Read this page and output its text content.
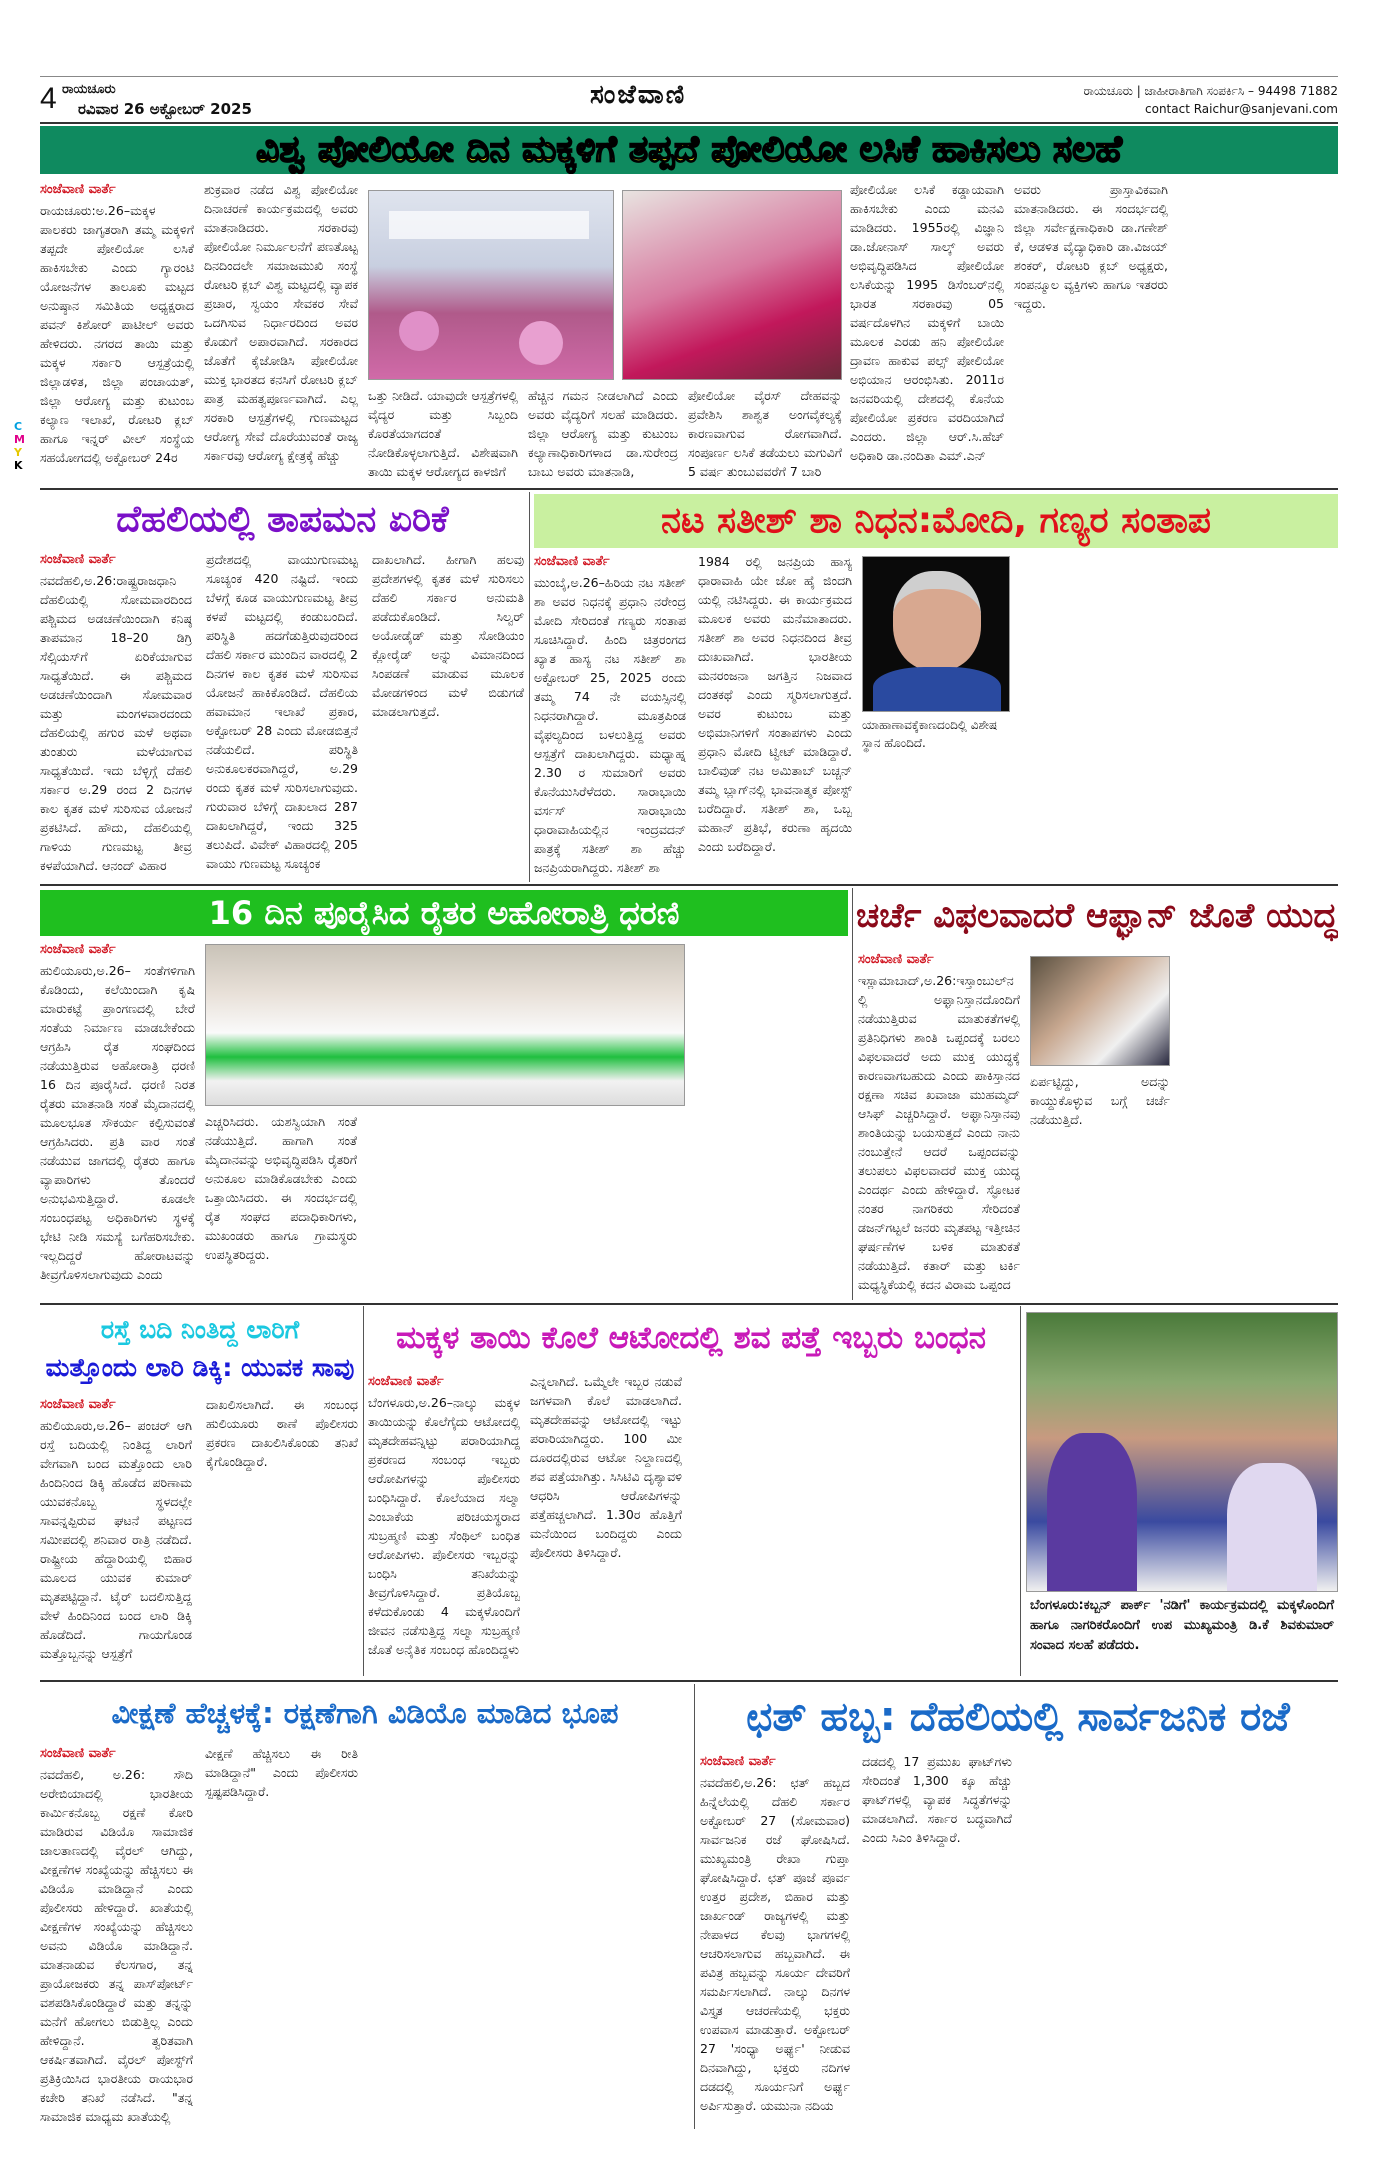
4 ರಾಯಚೂರು
ರವಿವಾರ 26 ಅಕ್ಟೋಬರ್ 2025	ಸಂಜೆವಾಣಿ	ರಾಯಚೂರು | ಜಾಹೀರಾತಿಗಾಗಿ ಸಂಪರ್ಕಿಸಿ – 94498 71882
contact Raichur@sanjevani.com
C
M
Y
K
ವಿಶ್ವ ಪೋಲಿಯೋ ದಿನ ಮಕ್ಕಳಿಗೆ ತಪ್ಪದೆ ಪೋಲಿಯೋ ಲಸಿಕೆ ಹಾಕಿಸಲು ಸಲಹೆ
ಸಂಜೆವಾಣಿ ವಾರ್ತೆ
ರಾಯಚೂರು:ಅ.26–ಮಕ್ಕಳ ಪಾಲಕರು ಜಾಗೃತರಾಗಿ ತಮ್ಮ ಮಕ್ಕಳಿಗೆ ತಪ್ಪದೇ ಪೋಲಿಯೋ ಲಸಿಕೆ ಹಾಕಿಸಬೇಕು ಎಂದು ಗ್ಯಾರಂಟಿ ಯೋಜನೆಗಳ ತಾಲೂಕು ಮಟ್ಟದ ಅನುಷ್ಠಾನ ಸಮಿತಿಯ ಅಧ್ಯಕ್ಷರಾದ ಪವನ್ ಕಿಶೋರ್ ಪಾಟೀಲ್ ಅವರು ಹೇಳಿದರು. ನಗರದ ತಾಯಿ ಮತ್ತು ಮಕ್ಕಳ ಸರ್ಕಾರಿ ಆಸ್ಪತ್ರೆಯಲ್ಲಿ ಜಿಲ್ಲಾಡಳಿತ, ಜಿಲ್ಲಾ ಪಂಚಾಯತ್, ಜಿಲ್ಲಾ ಆರೋಗ್ಯ ಮತ್ತು ಕುಟುಂಬ ಕಲ್ಯಾಣ ಇಲಾಖೆ, ರೋಟರಿ ಕ್ಲಬ್ ಹಾಗೂ ಇನ್ನರ್ ವೀಲ್ ಸಂಸ್ಥೆಯ ಸಹಯೋಗದಲ್ಲಿ ಅಕ್ಟೋಬರ್ 24ರ
ಶುಕ್ರವಾರ ನಡೆದ ವಿಶ್ವ ಪೋಲಿಯೋ ದಿನಾಚರಣೆ ಕಾರ್ಯಕ್ರಮದಲ್ಲಿ ಅವರು ಮಾತನಾಡಿದರು. ಸರಕಾರವು ಪೋಲಿಯೋ ನಿರ್ಮೂಲನೆಗೆ ಪಣತೊಟ್ಟ ದಿನದಿಂದಲೇ ಸಮಾಜಮುಖಿ ಸಂಸ್ಥೆ ರೋಟರಿ ಕ್ಲಬ್ ವಿಶ್ವ ಮಟ್ಟದಲ್ಲಿ ವ್ಯಾಪಕ ಪ್ರಚಾರ, ಸ್ವಯಂ ಸೇವಕರ ಸೇವೆ ಒದಗಿಸುವ ನಿರ್ಧಾರದಿಂದ ಅವರ ಕೊಡುಗೆ ಅಪಾರವಾಗಿದೆ. ಸರಕಾರದ ಜೊತೆಗೆ ಕೈಜೋಡಿಸಿ ಪೋಲಿಯೋ ಮುಕ್ತ ಭಾರತದ ಕನಸಿಗೆ ರೋಟರಿ ಕ್ಲಬ್ ಪಾತ್ರ ಮಹತ್ವಪೂರ್ಣವಾಗಿದೆ. ಎಲ್ಲ ಸರಕಾರಿ ಆಸ್ಪತ್ರೆಗಳಲ್ಲಿ ಗುಣಮಟ್ಟದ ಆರೋಗ್ಯ ಸೇವೆ ದೊರೆಯುವಂತೆ ರಾಜ್ಯ ಸರ್ಕಾರವು ಆರೋಗ್ಯ ಕ್ಷೇತ್ರಕ್ಕೆ ಹೆಚ್ಚು
ಒತ್ತು ನೀಡಿದೆ. ಯಾವುದೇ ಆಸ್ಪತ್ರೆಗಳಲ್ಲಿ ವೈದ್ಯರ ಮತ್ತು ಸಿಬ್ಬಂದಿ ಕೊರತೆಯಾಗದಂತೆ ನೋಡಿಕೊಳ್ಳಲಾಗುತ್ತಿದೆ. ವಿಶೇಷವಾಗಿ ತಾಯಿ ಮಕ್ಕಳ ಆರೋಗ್ಯದ ಕಾಳಜಿಗೆ
ಹೆಚ್ಚಿನ ಗಮನ ನೀಡಲಾಗಿದೆ ಎಂದು ಅವರು ವೈದ್ಯರಿಗೆ ಸಲಹೆ ಮಾಡಿದರು. ಜಿಲ್ಲಾ ಆರೋಗ್ಯ ಮತ್ತು ಕುಟುಂಬ ಕಲ್ಯಾಣಾಧಿಕಾರಿಗಳಾದ ಡಾ.ಸುರೇಂದ್ರ ಬಾಬು ಅವರು ಮಾತನಾಡಿ,
ಪೋಲಿಯೋ ವೈರಸ್ ದೇಹವನ್ನು ಪ್ರವೇಶಿಸಿ ಶಾಶ್ವತ ಅಂಗವೈಕಲ್ಯಕ್ಕೆ ಕಾರಣವಾಗುವ ರೋಗವಾಗಿದೆ. ಸಂಪೂರ್ಣ ಲಸಿಕೆ ತಡೆಯಲು ಮಗುವಿಗೆ 5 ವರ್ಷ ತುಂಬುವವರೆಗೆ 7 ಬಾರಿ
ಪೋಲಿಯೋ ಲಸಿಕೆ ಕಡ್ಡಾಯವಾಗಿ ಹಾಕಿಸಬೇಕು ಎಂದು ಮನವಿ ಮಾಡಿದರು. 1955ರಲ್ಲಿ ವಿಜ್ಞಾನಿ ಡಾ.ಜೋನಾಸ್ ಸಾಲ್ಕ್ ಅವರು ಅಭಿವೃದ್ಧಿಪಡಿಸಿದ ಪೋಲಿಯೋ ಲಸಿಕೆಯನ್ನು 1995 ಡಿಸೆಂಬರ್‌ನಲ್ಲಿ ಭಾರತ ಸರಕಾರವು 05 ವರ್ಷದೊಳಗಿನ ಮಕ್ಕಳಿಗೆ ಬಾಯಿ ಮೂಲಕ ಎರಡು ಹನಿ ಪೋಲಿಯೋ ದ್ರಾವಣ ಹಾಕುವ ಪಲ್ಸ್ ಪೋಲಿಯೋ ಅಭಿಯಾನ ಆರಂಭಿಸಿತು. 2011ರ ಜನವರಿಯಲ್ಲಿ ದೇಶದಲ್ಲಿ ಕೊನೆಯ ಪೋಲಿಯೋ ಪ್ರಕರಣ ವರದಿಯಾಗಿದೆ ಎಂದರು. ಜಿಲ್ಲಾ ಆರ್.ಸಿ.ಹೆಚ್ ಅಧಿಕಾರಿ ಡಾ.ನಂದಿತಾ ಎಮ್.ಎನ್
ಅವರು ಪ್ರಾಸ್ತಾವಿಕವಾಗಿ ಮಾತನಾಡಿದರು. ಈ ಸಂದರ್ಭದಲ್ಲಿ ಜಿಲ್ಲಾ ಸರ್ವೇಕ್ಷಣಾಧಿಕಾರಿ ಡಾ.ಗಣೇಶ್ ಕೆ, ಆಡಳಿತ ವೈದ್ಯಾಧಿಕಾರಿ ಡಾ.ವಿಜಯ್ ಶಂಕರ್, ರೋಟರಿ ಕ್ಲಬ್ ಅಧ್ಯಕ್ಷರು, ಸಂಪನ್ಮೂಲ ವ್ಯಕ್ತಿಗಳು ಹಾಗೂ ಇತರರು ಇದ್ದರು.
ದೆಹಲಿಯಲ್ಲಿ ತಾಪಮನ ಏರಿಕೆ
ಸಂಜೆವಾಣಿ ವಾರ್ತೆ
ನವದೆಹಲಿ,ಅ.26:ರಾಷ್ಟ್ರರಾಜಧಾನಿ ದೆಹಲಿಯಲ್ಲಿ ಸೋಮವಾರದಿಂದ ಪಶ್ಚಿಮದ ಅಡಚಣೆಯಿಂದಾಗಿ ಕನಿಷ್ಠ ತಾಪಮಾನ 18–20 ಡಿಗ್ರಿ ಸೆಲ್ಸಿಯಸ್‌ಗೆ ಏರಿಕೆಯಾಗುವ ಸಾಧ್ಯತೆಯಿದೆ. ಈ ಪಶ್ಚಿಮದ ಅಡಚಣೆಯಿಂದಾಗಿ ಸೋಮವಾರ ಮತ್ತು ಮಂಗಳವಾರದಂದು ದೆಹಲಿಯಲ್ಲಿ ಹಗುರ ಮಳೆ ಅಥವಾ ತುಂತುರು ಮಳೆಯಾಗುವ ಸಾಧ್ಯತೆಯಿದೆ. ಇದು ಬೆಳ್ಳಿಗ್ಗೆ ದೆಹಲಿ ಸರ್ಕಾರ ಅ.29 ರಂದ 2 ದಿನಗಳ ಕಾಲ ಕೃತಕ ಮಳೆ ಸುರಿಸುವ ಯೋಜನೆ ಪ್ರಕಟಿಸಿದೆ. ಹೌದು, ದೆಹಲಿಯಲ್ಲಿ ಗಾಳಿಯ ಗುಣಮಟ್ಟ ತೀವ್ರ ಕಳಪೆಯಾಗಿದೆ. ಆನಂದ್ ವಿಹಾರ
ಪ್ರದೇಶದಲ್ಲಿ ವಾಯುಗುಣಮಟ್ಟ ಸೂಚ್ಯಂಕ 420 ನಷ್ಟಿದೆ. ಇಂದು ಬೆಳಗ್ಗೆ ಕೂಡ ವಾಯುಗುಣಮಟ್ಟ ತೀವ್ರ ಕಳಪೆ ಮಟ್ಟದಲ್ಲಿ ಕಂಡುಬಂದಿದೆ. ಪರಿಸ್ಥಿತಿ ಹದಗೆಡುತ್ತಿರುವುದರಿಂದ ದೆಹಲಿ ಸರ್ಕಾರ ಮುಂದಿನ ವಾರದಲ್ಲಿ 2 ದಿನಗಳ ಕಾಲ ಕೃತಕ ಮಳೆ ಸುರಿಸುವ ಯೋಜನೆ ಹಾಕಿಕೊಂಡಿದೆ. ದೆಹಲಿಯ ಹವಾಮಾನ ಇಲಾಖೆ ಪ್ರಕಾರ, ಅಕ್ಟೋಬರ್ 28 ಎಂದು ಮೋಡಬಿತ್ತನೆ ನಡೆಯಲಿದೆ. ಪರಿಸ್ಥಿತಿ ಅನುಕೂಲಕರವಾಗಿದ್ದರೆ, ಅ.29 ರಂದು ಕೃತಕ ಮಳೆ ಸುರಿಸಲಾಗುವುದು. ಗುರುವಾರ ಬೆಳಿಗ್ಗೆ ದಾಖಲಾದ 287 ದಾಖಲಾಗಿದ್ದರೆ, ಇಂದು 325 ತಲುಪಿದೆ. ವಿವೇಕ್ ವಿಹಾರದಲ್ಲಿ 205 ವಾಯು ಗುಣಮಟ್ಟ ಸೂಚ್ಯಂಕ
ದಾಖಲಾಗಿದೆ. ಹೀಗಾಗಿ ಹಲವು ಪ್ರದೇಶಗಳಲ್ಲಿ ಕೃತಕ ಮಳೆ ಸುರಿಸಲು ದೆಹಲಿ ಸರ್ಕಾರ ಅನುಮತಿ ಪಡೆದುಕೊಂಡಿದೆ. ಸಿಲ್ವರ್ ಅಯೋಡೈಡ್ ಮತ್ತು ಸೋಡಿಯಂ ಕ್ಲೋರೈಡ್ ಅನ್ನು ವಿಮಾನದಿಂದ ಸಿಂಪಡಣೆ ಮಾಡುವ ಮೂಲಕ ಮೋಡಗಳಿಂದ ಮಳೆ ಬಿಡುಗಡೆ ಮಾಡಲಾಗುತ್ತದೆ.
ನಟ ಸತೀಶ್ ಶಾ ನಿಧನ:ಮೋದಿ, ಗಣ್ಯರ ಸಂತಾಪ
ಸಂಜೆವಾಣಿ ವಾರ್ತೆ
ಮುಂಬೈ,ಅ.26–ಹಿರಿಯ ನಟ ಸತೀಶ್ ಶಾ ಅವರ ನಿಧನಕ್ಕೆ ಪ್ರಧಾನಿ ನರೇಂದ್ರ ಮೋದಿ ಸೇರಿದಂತೆ ಗಣ್ಯರು ಸಂತಾಪ ಸೂಚಿಸಿದ್ದಾರೆ. ಹಿಂದಿ ಚಿತ್ರರಂಗದ ಖ್ಯಾತ ಹಾಸ್ಯ ನಟ ಸತೀಶ್ ಶಾ ಅಕ್ಟೋಬರ್ 25, 2025 ರಂದು ತಮ್ಮ 74 ನೇ ವಯಸ್ಸಿನಲ್ಲಿ ನಿಧನರಾಗಿದ್ದಾರೆ. ಮೂತ್ರಪಿಂಡ ವೈಫಲ್ಯದಿಂದ ಬಳಲುತ್ತಿದ್ದ ಅವರು ಆಸ್ಪತ್ರೆಗೆ ದಾಖಲಾಗಿದ್ದರು. ಮಧ್ಯಾಹ್ನ 2.30 ರ ಸುಮಾರಿಗೆ ಅವರು ಕೊನೆಯುಸಿರೆಳೆದರು. ಸಾರಾಭಾಯಿ ವರ್ಸಸ್ ಸಾರಾಭಾಯಿ ಧಾರಾವಾಹಿಯಲ್ಲಿನ ಇಂದ್ರವದನ್ ಪಾತ್ರಕ್ಕೆ ಸತೀಶ್ ಶಾ ಹೆಚ್ಚು ಜನಪ್ರಿಯರಾಗಿದ್ದರು. ಸತೀಶ್ ಶಾ
1984 ರಲ್ಲಿ ಜನಪ್ರಿಯ ಹಾಸ್ಯ ಧಾರಾವಾಹಿ ಯೇ ಜೋ ಹೈ ಜಿಂದಗಿ ಯಲ್ಲಿ ನಟಿಸಿದ್ದರು. ಈ ಕಾರ್ಯಕ್ರಮದ ಮೂಲಕ ಅವರು ಮನೆಮಾತಾದರು. ಸತೀಶ್ ಶಾ ಅವರ ನಿಧನದಿಂದ ತೀವ್ರ ದುಃಖವಾಗಿದೆ. ಭಾರತೀಯ ಮನರಂಜನಾ ಜಗತ್ತಿನ ನಿಜವಾದ ದಂತಕಥೆ ಎಂದು ಸ್ಮರಿಸಲಾಗುತ್ತದೆ. ಅವರ ಕುಟುಂಬ ಮತ್ತು ಅಭಿಮಾನಿಗಳಿಗೆ ಸಂತಾಪಗಳು ಎಂದು ಪ್ರಧಾನಿ ಮೋದಿ ಟ್ವೀಟ್ ಮಾಡಿದ್ದಾರೆ. ಬಾಲಿವುಡ್ ನಟ ಅಮಿತಾಬ್ ಬಚ್ಚನ್ ತಮ್ಮ ಬ್ಲಾಗ್‌ನಲ್ಲಿ ಭಾವನಾತ್ಮಕ ಪೋಸ್ಟ್ ಬರೆದಿದ್ದಾರೆ. ಸತೀಶ್ ಶಾ, ಒಬ್ಬ ಮಹಾನ್ ಪ್ರತಿಭೆ, ಕರುಣಾ ಹೃದಯಿ ಎಂದು ಬರೆದಿದ್ದಾರೆ.
ಯಾಹಾಣಾವಕ್ಕೆಕಾಣದಂದಿಲ್ಲಿ ವಿಶೇಷ ಸ್ಥಾನ ಹೊಂದಿದೆ.
16 ದಿನ ಪೂರೈಸಿದ ರೈತರ ಅಹೋರಾತ್ರಿ ಧರಣಿ
ಸಂಜೆವಾಣಿ ವಾರ್ತೆ
ಹುಲಿಯೂರು,ಅ.26– ಸಂತೆಗಳಿಗಾಗಿ ಕೊಡಿಂದು, ಕಲೆಯಿಂದಾಗಿ ಕೃಷಿ ಮಾರುಕಟ್ಟೆ ಪ್ರಾಂಗಣದಲ್ಲಿ ಬೇರೆ ಸಂತೆಯ ನಿರ್ಮಾಣ ಮಾಡಬೇಕೆಂದು ಆಗ್ರಹಿಸಿ ರೈತ ಸಂಘದಿಂದ ನಡೆಯುತ್ತಿರುವ ಅಹೋರಾತ್ರಿ ಧರಣಿ 16 ದಿನ ಪೂರೈಸಿದೆ. ಧರಣಿ ನಿರತ ರೈತರು ಮಾತನಾಡಿ ಸಂತೆ ಮೈದಾನದಲ್ಲಿ ಮೂಲಭೂತ ಸೌಕರ್ಯ ಕಲ್ಪಿಸುವಂತೆ ಆಗ್ರಹಿಸಿದರು. ಪ್ರತಿ ವಾರ ಸಂತೆ ನಡೆಯುವ ಜಾಗದಲ್ಲಿ ರೈತರು ಹಾಗೂ ವ್ಯಾಪಾರಿಗಳು ತೊಂದರೆ ಅನುಭವಿಸುತ್ತಿದ್ದಾರೆ. ಕೂಡಲೇ ಸಂಬಂಧಪಟ್ಟ ಅಧಿಕಾರಿಗಳು ಸ್ಥಳಕ್ಕೆ ಭೇಟಿ ನೀಡಿ ಸಮಸ್ಯೆ ಬಗೆಹರಿಸಬೇಕು. ಇಲ್ಲದಿದ್ದರೆ ಹೋರಾಟವನ್ನು ತೀವ್ರಗೊಳಿಸಲಾಗುವುದು ಎಂದು
ಎಚ್ಚರಿಸಿದರು. ಯಶಸ್ವಿಯಾಗಿ ಸಂತೆ ನಡೆಯುತ್ತಿದೆ. ಹಾಗಾಗಿ ಸಂತೆ ಮೈದಾನವನ್ನು ಅಭಿವೃದ್ಧಿಪಡಿಸಿ ರೈತರಿಗೆ ಅನುಕೂಲ ಮಾಡಿಕೊಡಬೇಕು ಎಂದು ಒತ್ತಾಯಿಸಿದರು. ಈ ಸಂದರ್ಭದಲ್ಲಿ ರೈತ ಸಂಘದ ಪದಾಧಿಕಾರಿಗಳು, ಮುಖಂಡರು ಹಾಗೂ ಗ್ರಾಮಸ್ಥರು ಉಪಸ್ಥಿತರಿದ್ದರು.
ಚರ್ಚೆ ವಿಫಲವಾದರೆ ಆಫ್ಘಾನ್ ಜೊತೆ ಯುದ್ಧ
ಸಂಜೆವಾಣಿ ವಾರ್ತೆ
ಇಸ್ಲಾಮಾಬಾದ್,ಅ.26:ಇಸ್ತಾಂಬುಲ್‌ನಲ್ಲಿ ಅಫ್ಘಾನಿಸ್ತಾನದೊಂದಿಗೆ ನಡೆಯುತ್ತಿರುವ ಮಾತುಕತೆಗಳಲ್ಲಿ ಪ್ರತಿನಿಧಿಗಳು ಶಾಂತಿ ಒಪ್ಪಂದಕ್ಕೆ ಬರಲು ವಿಫಲವಾದರೆ ಅದು ಮುಕ್ತ ಯುದ್ಧಕ್ಕೆ ಕಾರಣವಾಗಬಹುದು ಎಂದು ಪಾಕಿಸ್ತಾನದ ರಕ್ಷಣಾ ಸಚಿವ ಖವಾಜಾ ಮುಹಮ್ಮದ್ ಆಸಿಫ್ ಎಚ್ಚರಿಸಿದ್ದಾರೆ. ಅಫ್ಘಾನಿಸ್ತಾನವು ಶಾಂತಿಯನ್ನು ಬಯಸುತ್ತದೆ ಎಂದು ನಾನು ನಂಬುತ್ತೇನೆ ಆದರೆ ಒಪ್ಪಂದವನ್ನು ತಲುಪಲು ವಿಫಲವಾದರೆ ಮುಕ್ತ ಯುದ್ಧ ಎಂದರ್ಥ ಎಂದು ಹೇಳಿದ್ದಾರೆ. ಸ್ಫೋಟಕ ನಂತರ ನಾಗರಿಕರು ಸೇರಿದಂತೆ ಡಜನ್‌ಗಟ್ಟಲೆ ಜನರು ಮೃತಪಟ್ಟ ಇತ್ತೀಚಿನ ಘರ್ಷಣೆಗಳ ಬಳಿಕ ಮಾತುಕತೆ ನಡೆಯುತ್ತಿದೆ. ಕತಾರ್ ಮತ್ತು ಟರ್ಕಿ ಮಧ್ಯಸ್ಥಿಕೆಯಲ್ಲಿ ಕದನ ವಿರಾಮ ಒಪ್ಪಂದ
ಏರ್ಪಟ್ಟಿದ್ದು, ಅದನ್ನು ಕಾಯ್ದುಕೊಳ್ಳುವ ಬಗ್ಗೆ ಚರ್ಚೆ ನಡೆಯುತ್ತಿದೆ.
ರಸ್ತೆ ಬದಿ ನಿಂತಿದ್ದ ಲಾರಿಗೆ
ಮತ್ತೊಂದು ಲಾರಿ ಡಿಕ್ಕಿ: ಯುವಕ ಸಾವು
ಸಂಜೆವಾಣಿ ವಾರ್ತೆ
ಹುಲಿಯೂರು,ಅ.26– ಪಂಚರ್ ಆಗಿ ರಸ್ತೆ ಬದಿಯಲ್ಲಿ ನಿಂತಿದ್ದ ಲಾರಿಗೆ ವೇಗವಾಗಿ ಬಂದ ಮತ್ತೊಂದು ಲಾರಿ ಹಿಂದಿನಿಂದ ಡಿಕ್ಕಿ ಹೊಡೆದ ಪರಿಣಾಮ ಯುವಕನೊಬ್ಬ ಸ್ಥಳದಲ್ಲೇ ಸಾವನ್ನಪ್ಪಿರುವ ಘಟನೆ ಪಟ್ಟಣದ ಸಮೀಪದಲ್ಲಿ ಶನಿವಾರ ರಾತ್ರಿ ನಡೆದಿದೆ. ರಾಷ್ಟ್ರೀಯ ಹೆದ್ದಾರಿಯಲ್ಲಿ ಬಿಹಾರ ಮೂಲದ ಯುವಕ ಕುಮಾರ್ ಮೃತಪಟ್ಟಿದ್ದಾನೆ. ಟೈರ್ ಬದಲಿಸುತ್ತಿದ್ದ ವೇಳೆ ಹಿಂದಿನಿಂದ ಬಂದ ಲಾರಿ ಡಿಕ್ಕಿ ಹೊಡೆದಿದೆ. ಗಾಯಗೊಂಡ ಮತ್ತೊಬ್ಬನನ್ನು ಆಸ್ಪತ್ರೆಗೆ
ದಾಖಲಿಸಲಾಗಿದೆ. ಈ ಸಂಬಂಧ ಹುಲಿಯೂರು ಠಾಣೆ ಪೊಲೀಸರು ಪ್ರಕರಣ ದಾಖಲಿಸಿಕೊಂಡು ತನಿಖೆ ಕೈಗೊಂಡಿದ್ದಾರೆ.
ಮಕ್ಕಳ ತಾಯಿ ಕೊಲೆ ಆಟೋದಲ್ಲಿ ಶವ ಪತ್ತೆ ಇಬ್ಬರು ಬಂಧನ
ಸಂಜೆವಾಣಿ ವಾರ್ತೆ
ಬೆಂಗಳೂರು,ಅ.26–ನಾಲ್ಕು ಮಕ್ಕಳ ತಾಯಿಯನ್ನು ಕೊಲೆಗೈದು ಆಟೋದಲ್ಲಿ ಮೃತದೇಹವನ್ನಿಟ್ಟು ಪರಾರಿಯಾಗಿದ್ದ ಪ್ರಕರಣದ ಸಂಬಂಧ ಇಬ್ಬರು ಆರೋಪಿಗಳನ್ನು ಪೊಲೀಸರು ಬಂಧಿಸಿದ್ದಾರೆ. ಕೊಲೆಯಾದ ಸಲ್ಮಾ ಎಂಬಾಕೆಯ ಪರಿಚಯಸ್ಥರಾದ ಸುಬ್ರಹ್ಮಣಿ ಮತ್ತು ಸೆಂಥಿಲ್ ಬಂಧಿತ ಆರೋಪಿಗಳು. ಪೊಲೀಸರು ಇಬ್ಬರನ್ನು ಬಂಧಿಸಿ ತನಿಖೆಯನ್ನು ತೀವ್ರಗೊಳಿಸಿದ್ದಾರೆ. ಪ್ರತಿಯೊಬ್ಬ ಕಳೆದುಕೊಂಡು 4 ಮಕ್ಕಳೊಂದಿಗೆ ಜೀವನ ನಡೆಸುತ್ತಿದ್ದ ಸಲ್ಮಾ ಸುಬ್ರಹ್ಮಣಿ ಜೊತೆ ಅನೈತಿಕ ಸಂಬಂಧ ಹೊಂದಿದ್ದಳು
ಎನ್ನಲಾಗಿದೆ. ಒಮ್ಮೆಲೇ ಇಬ್ಬರ ನಡುವೆ ಜಗಳವಾಗಿ ಕೊಲೆ ಮಾಡಲಾಗಿದೆ. ಮೃತದೇಹವನ್ನು ಆಟೋದಲ್ಲಿ ಇಟ್ಟು ಪರಾರಿಯಾಗಿದ್ದರು. 100 ಮೀ ದೂರದಲ್ಲಿರುವ ಆಟೋ ನಿಲ್ದಾಣದಲ್ಲಿ ಶವ ಪತ್ತೆಯಾಗಿತ್ತು. ಸಿಸಿಟಿವಿ ದೃಶ್ಯಾವಳಿ ಆಧರಿಸಿ ಆರೋಪಿಗಳನ್ನು ಪತ್ತೆಹಚ್ಚಲಾಗಿದೆ. 1.30ರ ಹೊತ್ತಿಗೆ ಮನೆಯಿಂದ ಬಂದಿದ್ದರು ಎಂದು ಪೊಲೀಸರು ತಿಳಿಸಿದ್ದಾರೆ.
ಬೆಂಗಳೂರು:ಕಬ್ಬನ್ ಪಾರ್ಕ್ 'ನಡಿಗೆ' ಕಾರ್ಯಕ್ರಮದಲ್ಲಿ ಮಕ್ಕಳೊಂದಿಗೆ ಹಾಗೂ ನಾಗರಿಕರೊಂದಿಗೆ ಉಪ ಮುಖ್ಯಮಂತ್ರಿ ಡಿ.ಕೆ ಶಿವಕುಮಾರ್ ಸಂವಾದ ಸಲಹೆ ಪಡೆದರು.
ವೀಕ್ಷಣೆ ಹೆಚ್ಚಳಕ್ಕೆ: ರಕ್ಷಣೆಗಾಗಿ ವಿಡಿಯೊ ಮಾಡಿದ ಭೂಪ
ಸಂಜೆವಾಣಿ ವಾರ್ತೆ
ನವದೆಹಲಿ, ಅ.26: ಸೌದಿ ಅರೇಬಿಯಾದಲ್ಲಿ ಭಾರತೀಯ ಕಾರ್ಮಿಕನೊಬ್ಬ ರಕ್ಷಣೆ ಕೋರಿ ಮಾಡಿರುವ ವಿಡಿಯೊ ಸಾಮಾಜಿಕ ಜಾಲತಾಣದಲ್ಲಿ ವೈರಲ್ ಆಗಿದ್ದು, ವೀಕ್ಷಣೆಗಳ ಸಂಖ್ಯೆಯನ್ನು ಹೆಚ್ಚಿಸಲು ಈ ವಿಡಿಯೊ ಮಾಡಿದ್ದಾನೆ ಎಂದು ಪೊಲೀಸರು ಹೇಳಿದ್ದಾರೆ. ಖಾತೆಯಲ್ಲಿ ವೀಕ್ಷಣೆಗಳ ಸಂಖ್ಯೆಯನ್ನು ಹೆಚ್ಚಿಸಲು ಅವನು ವಿಡಿಯೊ ಮಾಡಿದ್ದಾನೆ. ಮಾತನಾಡುವ ಕೆಲಸಗಾರ, ತನ್ನ ಪ್ರಾಯೋಜಕರು ತನ್ನ ಪಾಸ್‌ಪೋರ್ಟ್ ವಶಪಡಿಸಿಕೊಂಡಿದ್ದಾರೆ ಮತ್ತು ತನ್ನನ್ನು ಮನೆಗೆ ಹೋಗಲು ಬಿಡುತ್ತಿಲ್ಲ ಎಂದು ಹೇಳಿದ್ದಾನೆ. ತ್ವರಿತವಾಗಿ ಆಕರ್ಷಿತವಾಗಿದೆ. ವೈರಲ್ ಪೋಸ್ಟ್‌ಗೆ ಪ್ರತಿಕ್ರಿಯಿಸಿದ ಭಾರತೀಯ ರಾಯಭಾರ ಕಚೇರಿ ತನಿಖೆ ನಡೆಸಿದೆ. "ತನ್ನ ಸಾಮಾಜಿಕ ಮಾಧ್ಯಮ ಖಾತೆಯಲ್ಲಿ
ವೀಕ್ಷಣೆ ಹೆಚ್ಚಿಸಲು ಈ ರೀತಿ ಮಾಡಿದ್ದಾನೆ" ಎಂದು ಪೊಲೀಸರು ಸ್ಪಷ್ಟಪಡಿಸಿದ್ದಾರೆ.
ಛತ್ ಹಬ್ಬ: ದೆಹಲಿಯಲ್ಲಿ ಸಾರ್ವಜನಿಕ ರಜೆ
ಸಂಜೆವಾಣಿ ವಾರ್ತೆ
ನವದೆಹಲಿ,ಅ.26: ಛತ್ ಹಬ್ಬದ ಹಿನ್ನೆಲೆಯಲ್ಲಿ ದೆಹಲಿ ಸರ್ಕಾರ ಅಕ್ಟೋಬರ್ 27 (ಸೋಮವಾರ) ಸಾರ್ವಜನಿಕ ರಜೆ ಘೋಷಿಸಿದೆ. ಮುಖ್ಯಮಂತ್ರಿ ರೇಖಾ ಗುಪ್ತಾ ಘೋಷಿಸಿದ್ದಾರೆ. ಛತ್ ಪೂಜೆ ಪೂರ್ವ ಉತ್ತರ ಪ್ರದೇಶ, ಬಿಹಾರ ಮತ್ತು ಜಾರ್ಖಂಡ್ ರಾಜ್ಯಗಳಲ್ಲಿ ಮತ್ತು ನೇಪಾಳದ ಕೆಲವು ಭಾಗಗಳಲ್ಲಿ ಆಚರಿಸಲಾಗುವ ಹಬ್ಬವಾಗಿದೆ. ಈ ಪವಿತ್ರ ಹಬ್ಬವನ್ನು ಸೂರ್ಯ ದೇವರಿಗೆ ಸಮರ್ಪಿಸಲಾಗಿದೆ. ನಾಲ್ಕು ದಿನಗಳ ವಿಸ್ತೃತ ಆಚರಣೆಯಲ್ಲಿ ಭಕ್ತರು ಉಪವಾಸ ಮಾಡುತ್ತಾರೆ. ಅಕ್ಟೋಬರ್ 27 'ಸಂಧ್ಯಾ ಅರ್ಘ್ಯ' ನೀಡುವ ದಿನವಾಗಿದ್ದು, ಭಕ್ತರು ನದಿಗಳ ದಡದಲ್ಲಿ ಸೂರ್ಯನಿಗೆ ಅರ್ಘ್ಯ ಅರ್ಪಿಸುತ್ತಾರೆ. ಯಮುನಾ ನದಿಯ
ದಡದಲ್ಲಿ 17 ಪ್ರಮುಖ ಘಾಟ್‌ಗಳು ಸೇರಿದಂತೆ 1,300 ಕ್ಕೂ ಹೆಚ್ಚು ಘಾಟ್‌ಗಳಲ್ಲಿ ವ್ಯಾಪಕ ಸಿದ್ಧತೆಗಳನ್ನು ಮಾಡಲಾಗಿದೆ. ಸರ್ಕಾರ ಬದ್ಧವಾಗಿದೆ ಎಂದು ಸಿಎಂ ತಿಳಿಸಿದ್ದಾರೆ.
